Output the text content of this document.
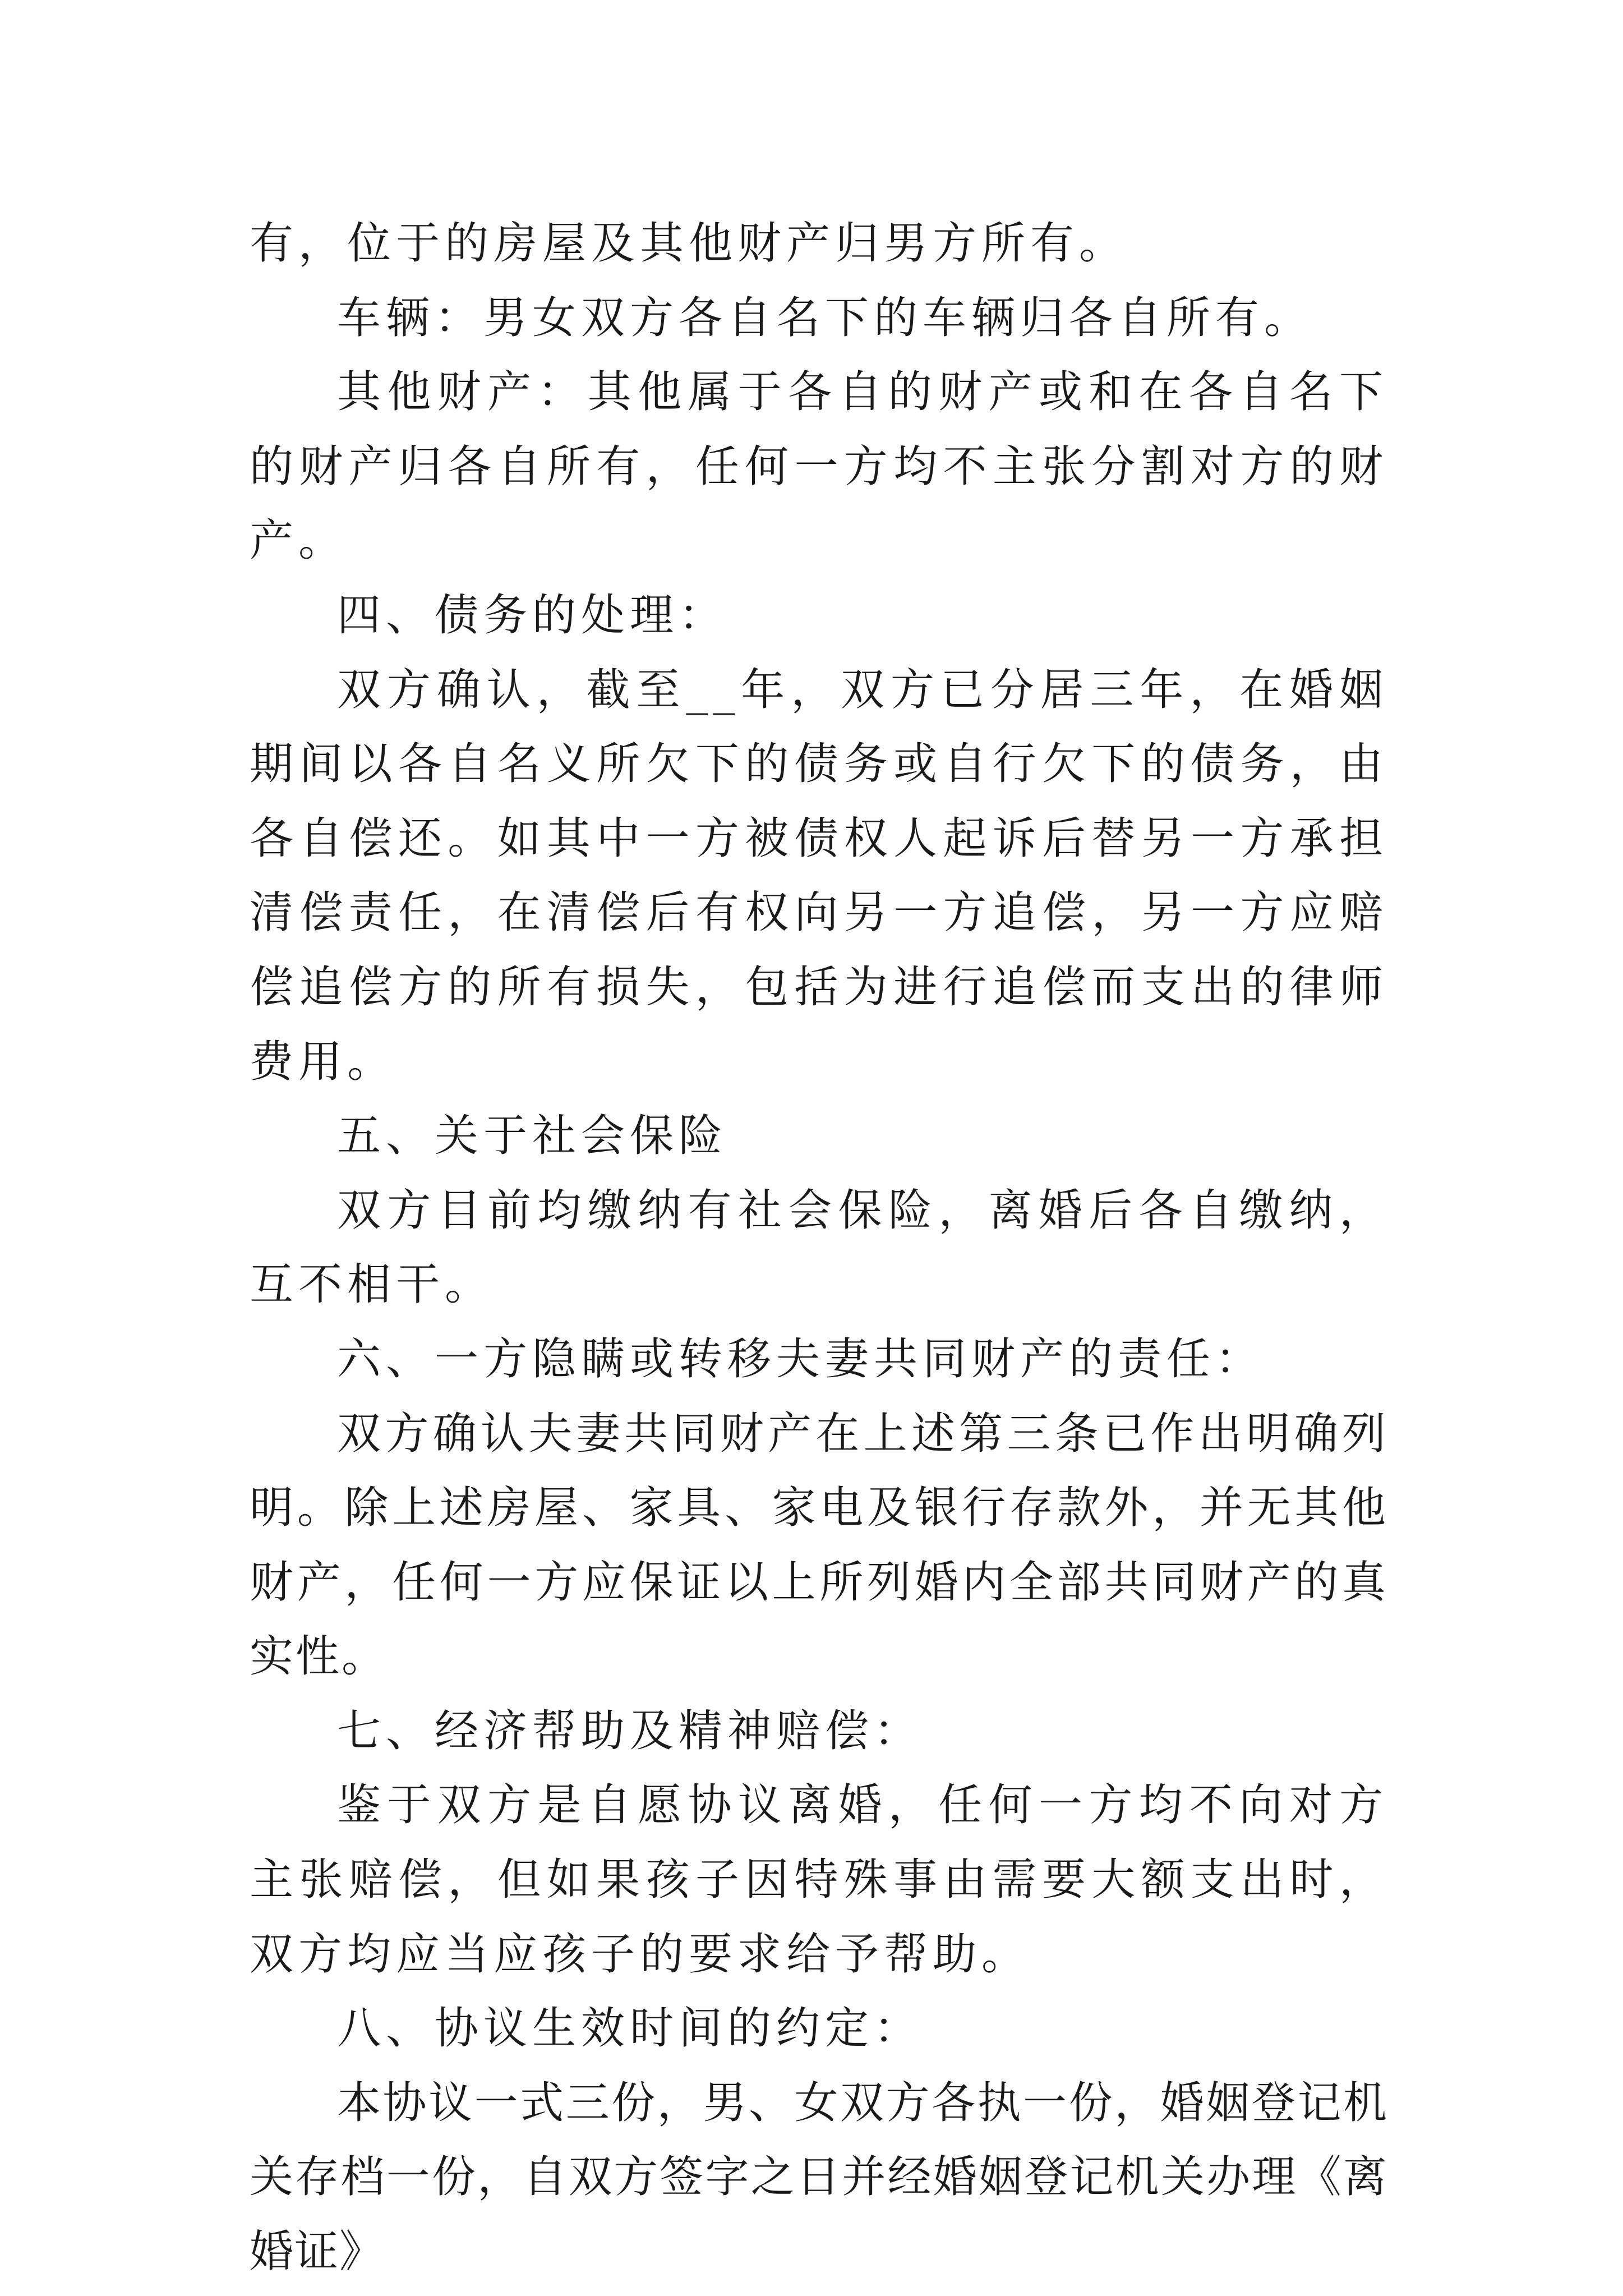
有，位于的房屋及其他财产归男方所有。

车辆：男女双方各自名下的车辆归各自所有。

其他财产：其他属于各自的财产或和在各自名下的财产归各自所有，任何一方均不主张分割对方的财产。

四、债务的处理：

双方确认，截至__年，双方已分居三年，在婚姻期间以各自名义所欠下的债务或自行欠下的债务，由各自偿还。如其中一方被债权人起诉后替另一方承担清偿责任，在清偿后有权向另一方追偿，另一方应赔偿追偿方的所有损失，包括为进行追偿而支出的律师费用。

五、关于社会保险

双方目前均缴纳有社会保险，离婚后各自缴纳，互不相干。

六、一方隐瞒或转移夫妻共同财产的责任：

双方确认夫妻共同财产在上述第三条已作出明确列明。除上述房屋、家具、家电及银行存款外，并无其他财产，任何一方应保证以上所列婚内全部共同财产的真实性。

七、经济帮助及精神赔偿：

鉴于双方是自愿协议离婚，任何一方均不向对方主张赔偿，但如果孩子因特殊事由需要大额支出时，双方均应当应孩子的要求给予帮助。

八、协议生效时间的约定：

本协议一式三份，男、女双方各执一份，婚姻登记机关存档一份，自双方签字之日并经婚姻登记机关办理《离婚证》
